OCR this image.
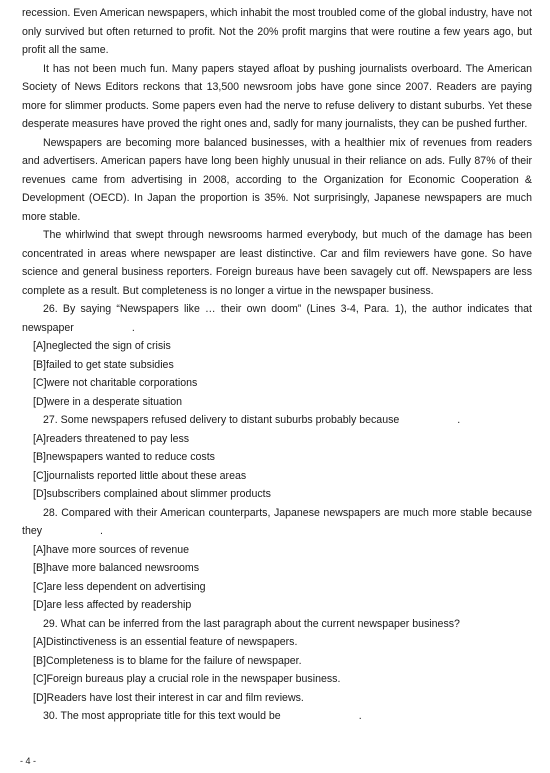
recession. Even American newspapers, which inhabit the most troubled come of the global industry, have not only survived but often returned to profit. Not the 20% profit margins that were routine a few years ago, but profit all the same.

It has not been much fun. Many papers stayed afloat by pushing journalists overboard. The American Society of News Editors reckons that 13,500 newsroom jobs have gone since 2007. Readers are paying more for slimmer products. Some papers even had the nerve to refuse delivery to distant suburbs. Yet these desperate measures have proved the right ones and, sadly for many journalists, they can be pushed further.

Newspapers are becoming more balanced businesses, with a healthier mix of revenues from readers and advertisers. American papers have long been highly unusual in their reliance on ads. Fully 87% of their revenues came from advertising in 2008, according to the Organization for Economic Cooperation & Development (OECD). In Japan the proportion is 35%. Not surprisingly, Japanese newspapers are much more stable.

The whirlwind that swept through newsrooms harmed everybody, but much of the damage has been concentrated in areas where newspaper are least distinctive. Car and film reviewers have gone. So have science and general business reporters. Foreign bureaus have been savagely cut off. Newspapers are less complete as a result. But completeness is no longer a virtue in the newspaper business.

26. By saying “Newspapers like … their own doom” (Lines 3-4, Para. 1), the author indicates that newspaper	.

[A]neglected the sign of crisis

[B]failed to get state subsidies

[C]were not charitable corporations

[D]were in a desperate situation

27. Some newspapers refused delivery to distant suburbs probably because	.

[A]readers threatened to pay less

[B]newspapers wanted to reduce costs

[C]journalists reported little about these areas

[D]subscribers complained about slimmer products

28. Compared with their American counterparts, Japanese newspapers are much more stable because they	.

[A]have more sources of revenue

[B]have more balanced newsrooms

[C]are less dependent on advertising

[D]are less affected by readership

29. What can be inferred from the last paragraph about the current newspaper business?

[A]Distinctiveness is an essential feature of newspapers.

[B]Completeness is to blame for the failure of newspaper.

[C]Foreign bureaus play a crucial role in the newspaper business.

[D]Readers have lost their interest in car and film reviews.

30. The most appropriate title for this text would be	.

- 4 -
